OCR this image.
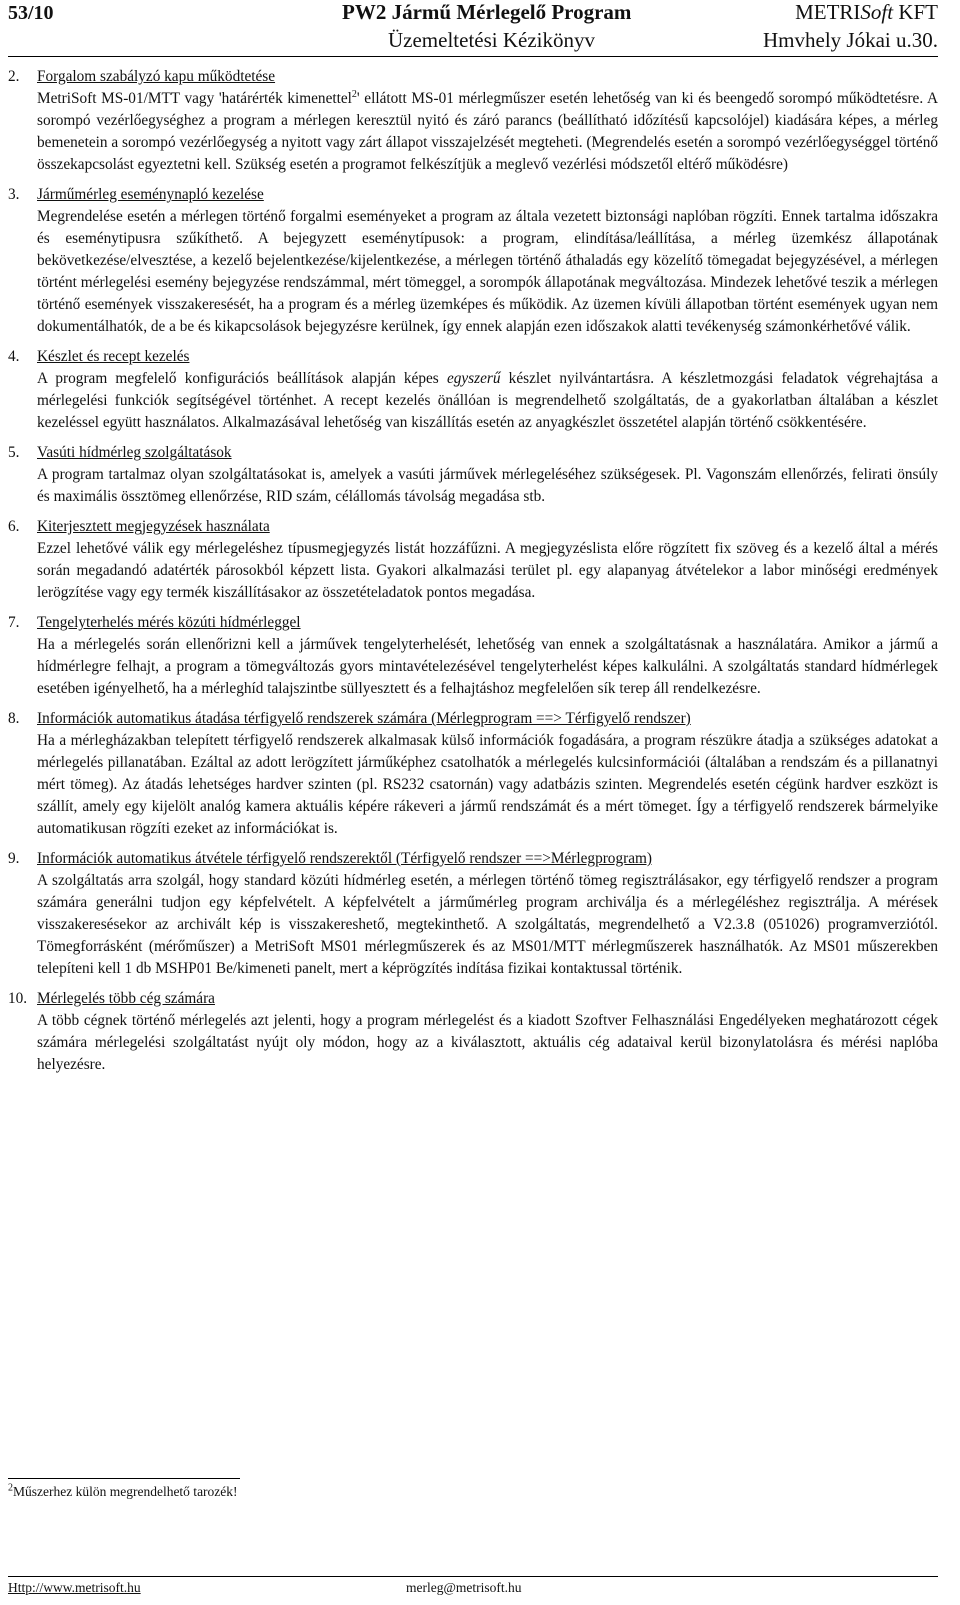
53/10	PW2 Jármű Mérlegelő Program
Üzemeltetési Kézikönyv
METRISoft KFT
Hmvhely Jókai u.30.
2. Forgalom szabályzó kapu működtetése

MetriSoft MS-01/MTT vagy 'határérték kimenettel$^2$' ellátott MS-01 mérlegműszer esetén lehetőség van ki és beengedő sorompó működtetésre. A sorompó vezérlőegységhez a program a mérlegen keresztül nyitó és záró parancs (beállítható időzítésű kapcsolójel) kiadására képes, a mérleg bemenetein a sorompó vezérlőegység a nyitott vagy zárt állapot visszajelzését megteheti. (Megrendelés esetén a sorompó vezérlőegységgel történő összekapcsolást egyeztetni kell. Szükség esetén a programot felkészítjük a meglevő vezérlési módszetől eltérő működésre)

3. Járműmérleg eseménynapló kezelése

Megrendelése esetén a mérlegen történő forgalmi eseményeket a program az általa vezetett biztonsági naplóban rögzíti. Ennek tartalma időszakra és eseménytipusra szűkíthető. A bejegyzett eseménytípusok: a program, elindítása/leállítása, a mérleg üzemkész állapotának bekövetkezése/elvesztése, a kezelő bejelentkezése/kijelentkezése, a mérlegen történő áthaladás egy közelítő tömegadat bejegyzésével, a mérlegen történt mérlegelési esemény bejegyzése rendszámmal, mért tömeggel, a sorompók állapotának megváltozása. Mindezek lehetővé teszik a mérlegen történő események visszakeresését, ha a program és a mérleg üzemképes és működik. Az üzemen kívüli állapotban történt események ugyan nem dokumentálhatók, de a be és kikapcsolások bejegyzésre kerülnek, így ennek alapján ezen időszakok alatti tevékenység számonkérhetővé válik.

4. Készlet és recept kezelés

A program megfelelő konfigurációs beállítások alapján képes egyszerű készlet nyilvántartásra. A készletmozgási feladatok végrehajtása a mérlegelési funkciók segítségével történhet. A recept kezelés önállóan is megrendelhető szolgáltatás, de a gyakorlatban általában a készlet kezeléssel együtt használatos. Alkalmazásával lehetőség van kiszállítás esetén az anyagkészlet összetétel alapján történő csökkentésére.

5. Vasúti hídmérleg szolgáltatások

A program tartalmaz olyan szolgáltatásokat is, amelyek a vasúti járművek mérlegeléséhez szükségesek. Pl. Vagonszám ellenőrzés, felirati önsúly és maximális össztömeg ellenőrzése, RID szám, célállomás távolság megadása stb.

6. Kiterjesztett megjegyzések használata

Ezzel lehetővé válik egy mérlegeléshez típusmegjegyzés listát hozzáfűzni. A megjegyzéslista előre rögzített fix szöveg és a kezelő által a mérés során megadandó adatérték párosokból képzett lista. Gyakori alkalmazási terület pl. egy alapanyag átvételekor a labor minőségi eredmények lerögzítése vagy egy termék kiszállításakor az összetételadatok pontos megadása.

7. Tengelyterhelés mérés közúti hídmérleggel

Ha a mérlegelés során ellenőrizni kell a járművek tengelyterhelését, lehetőség van ennek a szolgáltatásnak a használatára. Amikor a jármű a hídmérlegre felhajt, a program a tömegváltozás gyors mintavételezésével tengelyterhelést képes kalkulálni. A szolgáltatás standard hídmérlegek esetében igényelhető, ha a mérleghíd talajszintbe süllyesztett és a felhajtáshoz megfelelően sík terep áll rendelkezésre.

8. Információk automatikus átadása térfigyelő rendszerek számára (Mérlegprogram ==> Térfigyelő rendszer)

Ha a mérlegházakban telepített térfigyelő rendszerek alkalmasak külső információk fogadására, a program részükre átadja a szükséges adatokat a mérlegelés pillanatában. Ezáltal az adott lerögzített járműképhez csatolhatók a mérlegelés kulcsinformációi (általában a rendszám és a pillanatnyi mért tömeg). Az átadás lehetséges hardver szinten (pl. RS232 csatornán) vagy adatbázis szinten. Megrendelés esetén cégünk hardver eszközt is szállít, amely egy kijelölt analóg kamera aktuális képére rákeveri a jármű rendszámát és a mért tömeget. Így a térfigyelő rendszerek bármelyike automatikusan rögzíti ezeket az információkat is.

9. Információk automatikus átvétele térfigyelő rendszerektől (Térfigyelő rendszer ==>Mérlegprogram)

A szolgáltatás arra szolgál, hogy standard közúti hídmérleg esetén, a mérlegen történő tömeg regisztrálásakor, egy térfigyelő rendszer a program számára generálni tudjon egy képfelvételt. A képfelvételt a járműmérleg program archiválja és a mérlegéléshez regisztrálja. A mérések visszakeresésekor az archivált kép is visszakereshető, megtekinthető. A szolgáltatás, megrendelhető a V2.3.8 (051026) programverziótól. Tömegforrásként (mérőműszer) a MetriSoft MS01 mérlegműszerek és az MS01/MTT mérlegműszerek használhatók. Az MS01 műszerekben telepíteni kell 1 db MSHP01 Be/kimeneti panelt, mert a képrögzítés indítása fizikai kontaktussal történik.

10. Mérlegelés több cég számára

A több cégnek történő mérlegelés azt jelenti, hogy a program mérlegelést és a kiadott Szoftver Felhasználási Engedélyeken meghatározott cégek számára mérlegelési szolgáltatást nyújt oly módon, hogy az a kiválasztott, aktuális cég adataival kerül bizonylatolásra és mérési naplóba helyezésre.

$^2$Műszerhez külön megrendelhető tarozék!
Http://www.metrisoft.hu	merleg@metrisoft.hu
